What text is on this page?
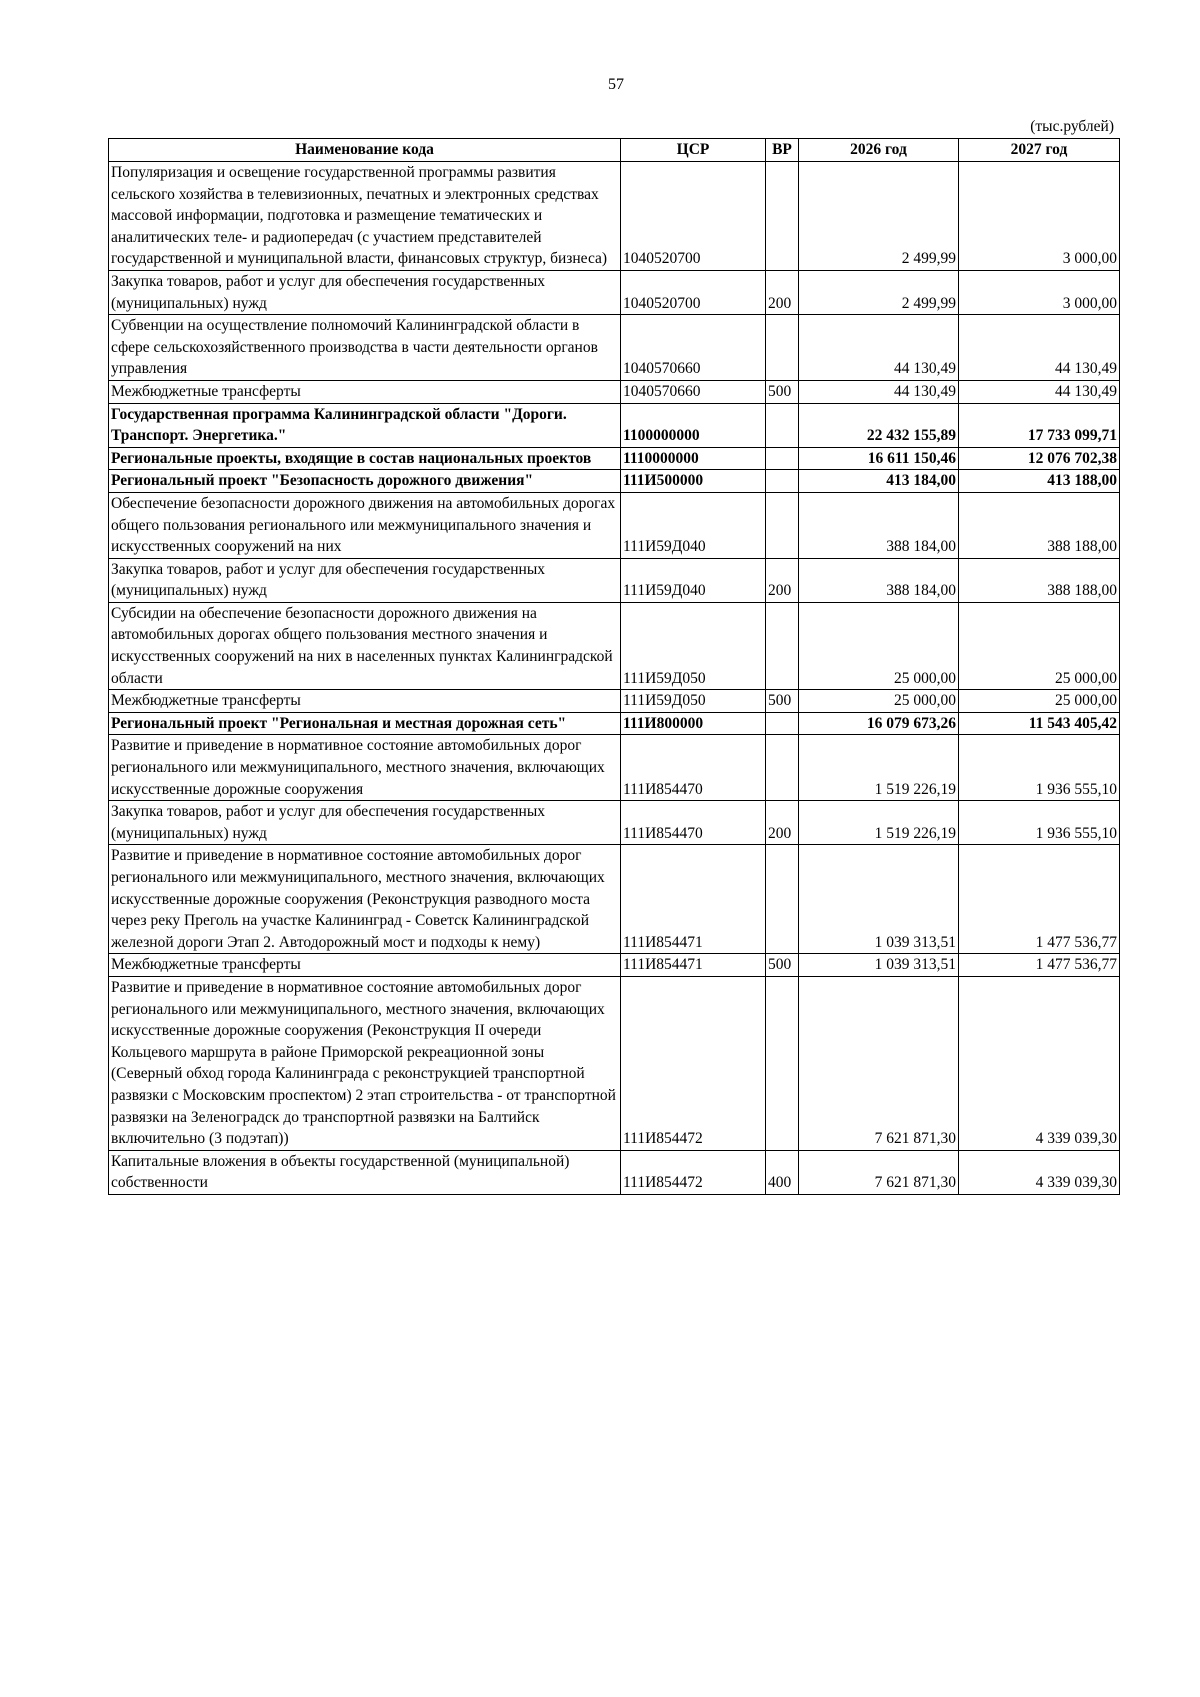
57
(тыс.рублей)
Наименование кода	ЦСР	ВР	2026 год	2027 год
Популяризация и освещение государственной программы развития сельского хозяйства в телевизионных, печатных и электронных средствах массовой информации, подготовка и размещение тематических и аналитических теле- и радиопередач (с участием представителей государственной и муниципальной власти, финансовых структур, бизнеса)	1040520700		2 499,99	3 000,00
Закупка товаров, работ и услуг для обеспечения государственных (муниципальных) нужд	1040520700	200	2 499,99	3 000,00
Субвенции на осуществление полномочий Калининградской области в сфере сельскохозяйственного производства в части деятельности органов управления	1040570660		44 130,49	44 130,49
Межбюджетные трансферты	1040570660	500	44 130,49	44 130,49
Государственная программа Калининградской области "Дороги. Транспорт. Энергетика."	1100000000		22 432 155,89	17 733 099,71
Региональные проекты, входящие в состав национальных проектов	1110000000		16 611 150,46	12 076 702,38
Региональный проект "Безопасность дорожного движения"	111И500000		413 184,00	413 188,00
Обеспечение безопасности дорожного движения на автомобильных дорогах общего пользования регионального или межмуниципального значения и искусственных сооружений на них	111И59Д040		388 184,00	388 188,00
Закупка товаров, работ и услуг для обеспечения государственных (муниципальных) нужд	111И59Д040	200	388 184,00	388 188,00
Субсидии на обеспечение безопасности дорожного движения на автомобильных дорогах общего пользования местного значения и искусственных сооружений на них в населенных пунктах Калининградской области	111И59Д050		25 000,00	25 000,00
Межбюджетные трансферты	111И59Д050	500	25 000,00	25 000,00
Региональный проект "Региональная и местная дорожная сеть"	111И800000		16 079 673,26	11 543 405,42
Развитие и приведение в нормативное состояние автомобильных дорог регионального или межмуниципального, местного значения, включающих искусственные дорожные сооружения	111И854470		1 519 226,19	1 936 555,10
Закупка товаров, работ и услуг для обеспечения государственных (муниципальных) нужд	111И854470	200	1 519 226,19	1 936 555,10
Развитие и приведение в нормативное состояние автомобильных дорог регионального или межмуниципального, местного значения, включающих искусственные дорожные сооружения (Реконструкция разводного моста через реку Преголь на участке Калининград - Советск Калининградской железной дороги Этап 2. Автодорожный мост и подходы к нему)	111И854471		1 039 313,51	1 477 536,77
Межбюджетные трансферты	111И854471	500	1 039 313,51	1 477 536,77
Развитие и приведение в нормативное состояние автомобильных дорог регионального или межмуниципального, местного значения, включающих искусственные дорожные сооружения (Реконструкция II очереди Кольцевого маршрута в районе Приморской рекреационной зоны (Северный обход города Калининграда с реконструкцией транспортной развязки с Московским проспектом) 2 этап строительства - от транспортной развязки на Зеленоградск до транспортной развязки на Балтийск включительно (3 подэтап))	111И854472		7 621 871,30	4 339 039,30
Капитальные вложения в объекты государственной (муниципальной) собственности	111И854472	400	7 621 871,30	4 339 039,30
